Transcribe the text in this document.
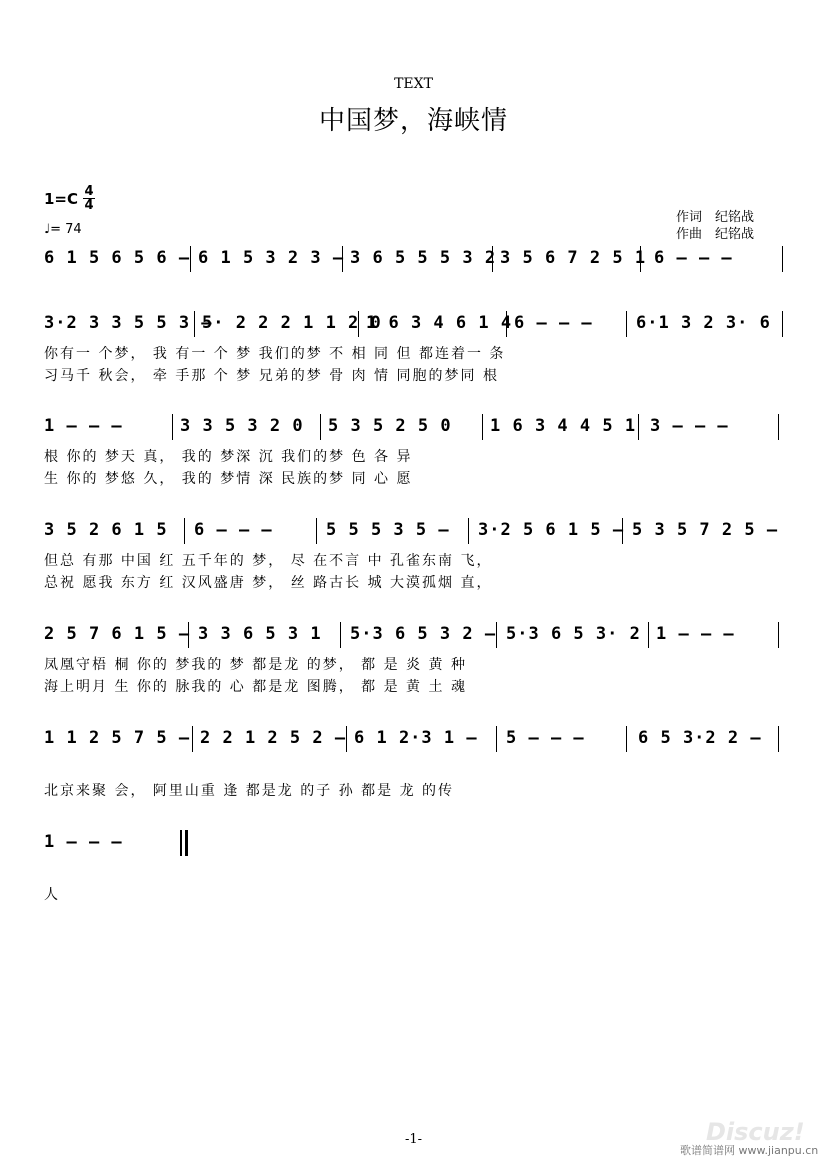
TEXT
中国梦，海峡情
1=C 4
4
♩= 74
作词　纪铭战
作曲　纪铭战
6 1 5 6 5 6 – 6 1 5 3 2 3 – 3 6 5 5 5 3 2 3 5 6 7 2 5 1 6 – – –
3·2 3 3 5 5 3 –
5· 2 2 2 1 1 2 0
1 6 3 4 6 1 4 6 – – –	6·1 3 2 3· 6
你有一 个梦， 我 有一 个 梦 我们的梦 不 相 同 但 都连着一 条
习马千 秋会， 牵 手那 个 梦 兄弟的梦 骨 肉 情 同胞的梦同 根
1 – – –	3 3 5 3 2 0 5 3 5 2 5 0 1 6 3 4 4 5 1 3 – – –
根 你的 梦天 真， 我的 梦深 沉 我们的梦 色 各 异
生 你的 梦悠 久， 我的 梦情 深 民族的梦 同 心 愿
3 5 2 6 1 5 6 – – –	5 5 5 3 5 – 3·2 5 6 1 5 – 5 3 5 7 2 5 –
但总 有那 中国 红 五千年的 梦， 尽 在不言 中 孔雀东南 飞，
总祝 愿我 东方 红 汉风盛唐 梦， 丝 路古长 城 大漠孤烟 直，
2 5 7 6 1 5 – 3 3 6 5 3 1 5·3 6 5 3 2 – 5·3 6 5 3· 2 1 – – –
凤凰守梧 桐 你的 梦我的 梦 都是龙 的梦， 都 是 炎 黄 种
海上明月 生 你的 脉我的 心 都是龙 图腾， 都 是 黄 土 魂
1 1 2 5 7 5 – 2 2 1 2 5 2 – 6 1 2·3 1 – 5 – – –	6 5 3·2 2 –
北京来聚 会， 阿里山重 逢 都是龙 的子 孙 都是 龙 的传
1 – – –
人
-1-	Discuz!
歌谱简谱网 www.jianpu.cn
